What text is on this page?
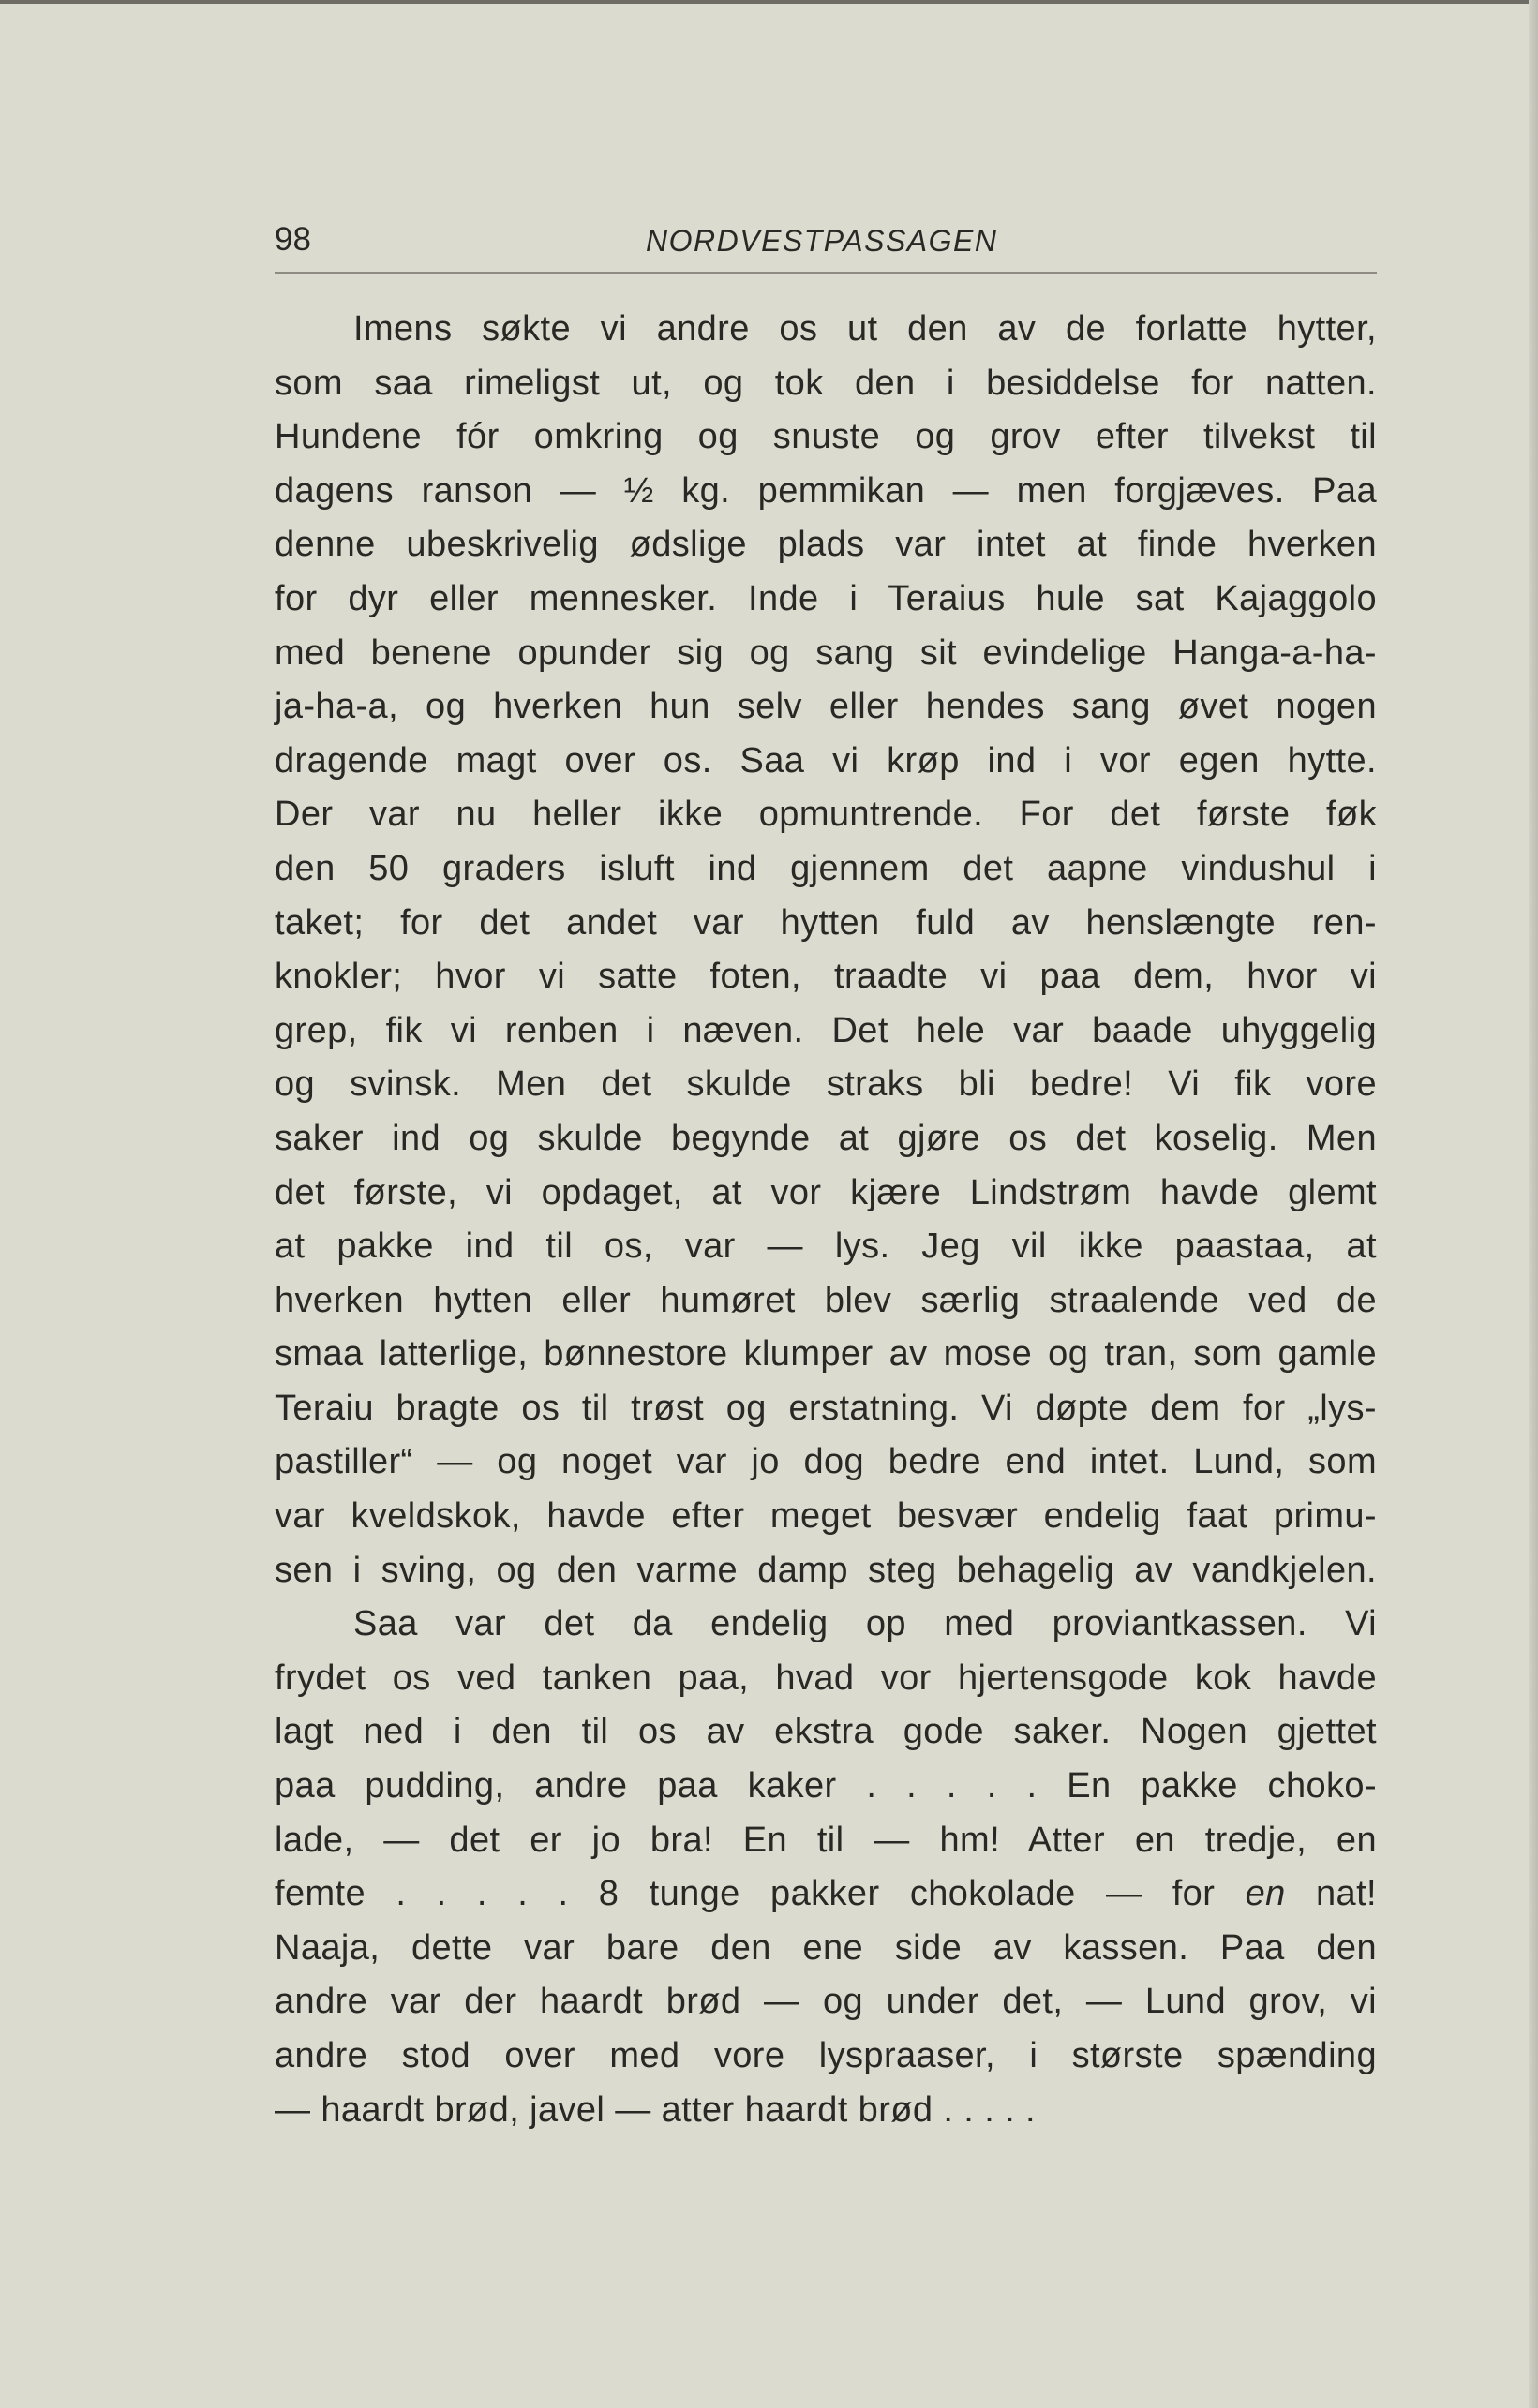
98	NORDVESTPASSAGEN
Imens søkte vi andre os ut den av de forlatte hytter,
som saa rimeligst ut, og tok den i besiddelse for natten.
Hundene fór omkring og snuste og grov efter tilvekst til
dagens ranson — ½ kg. pemmikan — men forgjæves. Paa
denne ubeskrivelig ødslige plads var intet at finde hverken
for dyr eller mennesker. Inde i Teraius hule sat Kajaggolo
med benene opunder sig og sang sit evindelige Hanga-a-ha-
ja-ha-a, og hverken hun selv eller hendes sang øvet nogen
dragende magt over os. Saa vi krøp ind i vor egen hytte.
Der var nu heller ikke opmuntrende. For det første føk
den 50 graders isluft ind gjennem det aapne vindushul i
taket; for det andet var hytten fuld av henslængte ren-
knokler; hvor vi satte foten, traadte vi paa dem, hvor vi
grep, fik vi renben i næven. Det hele var baade uhyggelig
og svinsk. Men det skulde straks bli bedre! Vi fik vore
saker ind og skulde begynde at gjøre os det koselig. Men
det første, vi opdaget, at vor kjære Lindstrøm havde glemt
at pakke ind til os, var — lys. Jeg vil ikke paastaa, at
hverken hytten eller humøret blev særlig straalende ved de
smaa latterlige, bønnestore klumper av mose og tran, som gamle
Teraiu bragte os til trøst og erstatning. Vi døpte dem for „lys-
pastiller“ — og noget var jo dog bedre end intet. Lund, som
var kveldskok, havde efter meget besvær endelig faat primu-
sen i sving, og den varme damp steg behagelig av vandkjelen.
Saa var det da endelig op med proviantkassen. Vi
frydet os ved tanken paa, hvad vor hjertensgode kok havde
lagt ned i den til os av ekstra gode saker. Nogen gjettet
paa pudding, andre paa kaker . . . . . En pakke choko-
lade, — det er jo bra! En til — hm! Atter en tredje, en
femte . . . . . 8 tunge pakker chokolade — for en nat!
Naaja, dette var bare den ene side av kassen. Paa den
andre var der haardt brød — og under det, — Lund grov, vi
andre stod over med vore lyspraaser, i største spænding
— haardt brød, javel — atter haardt brød . . . . .
